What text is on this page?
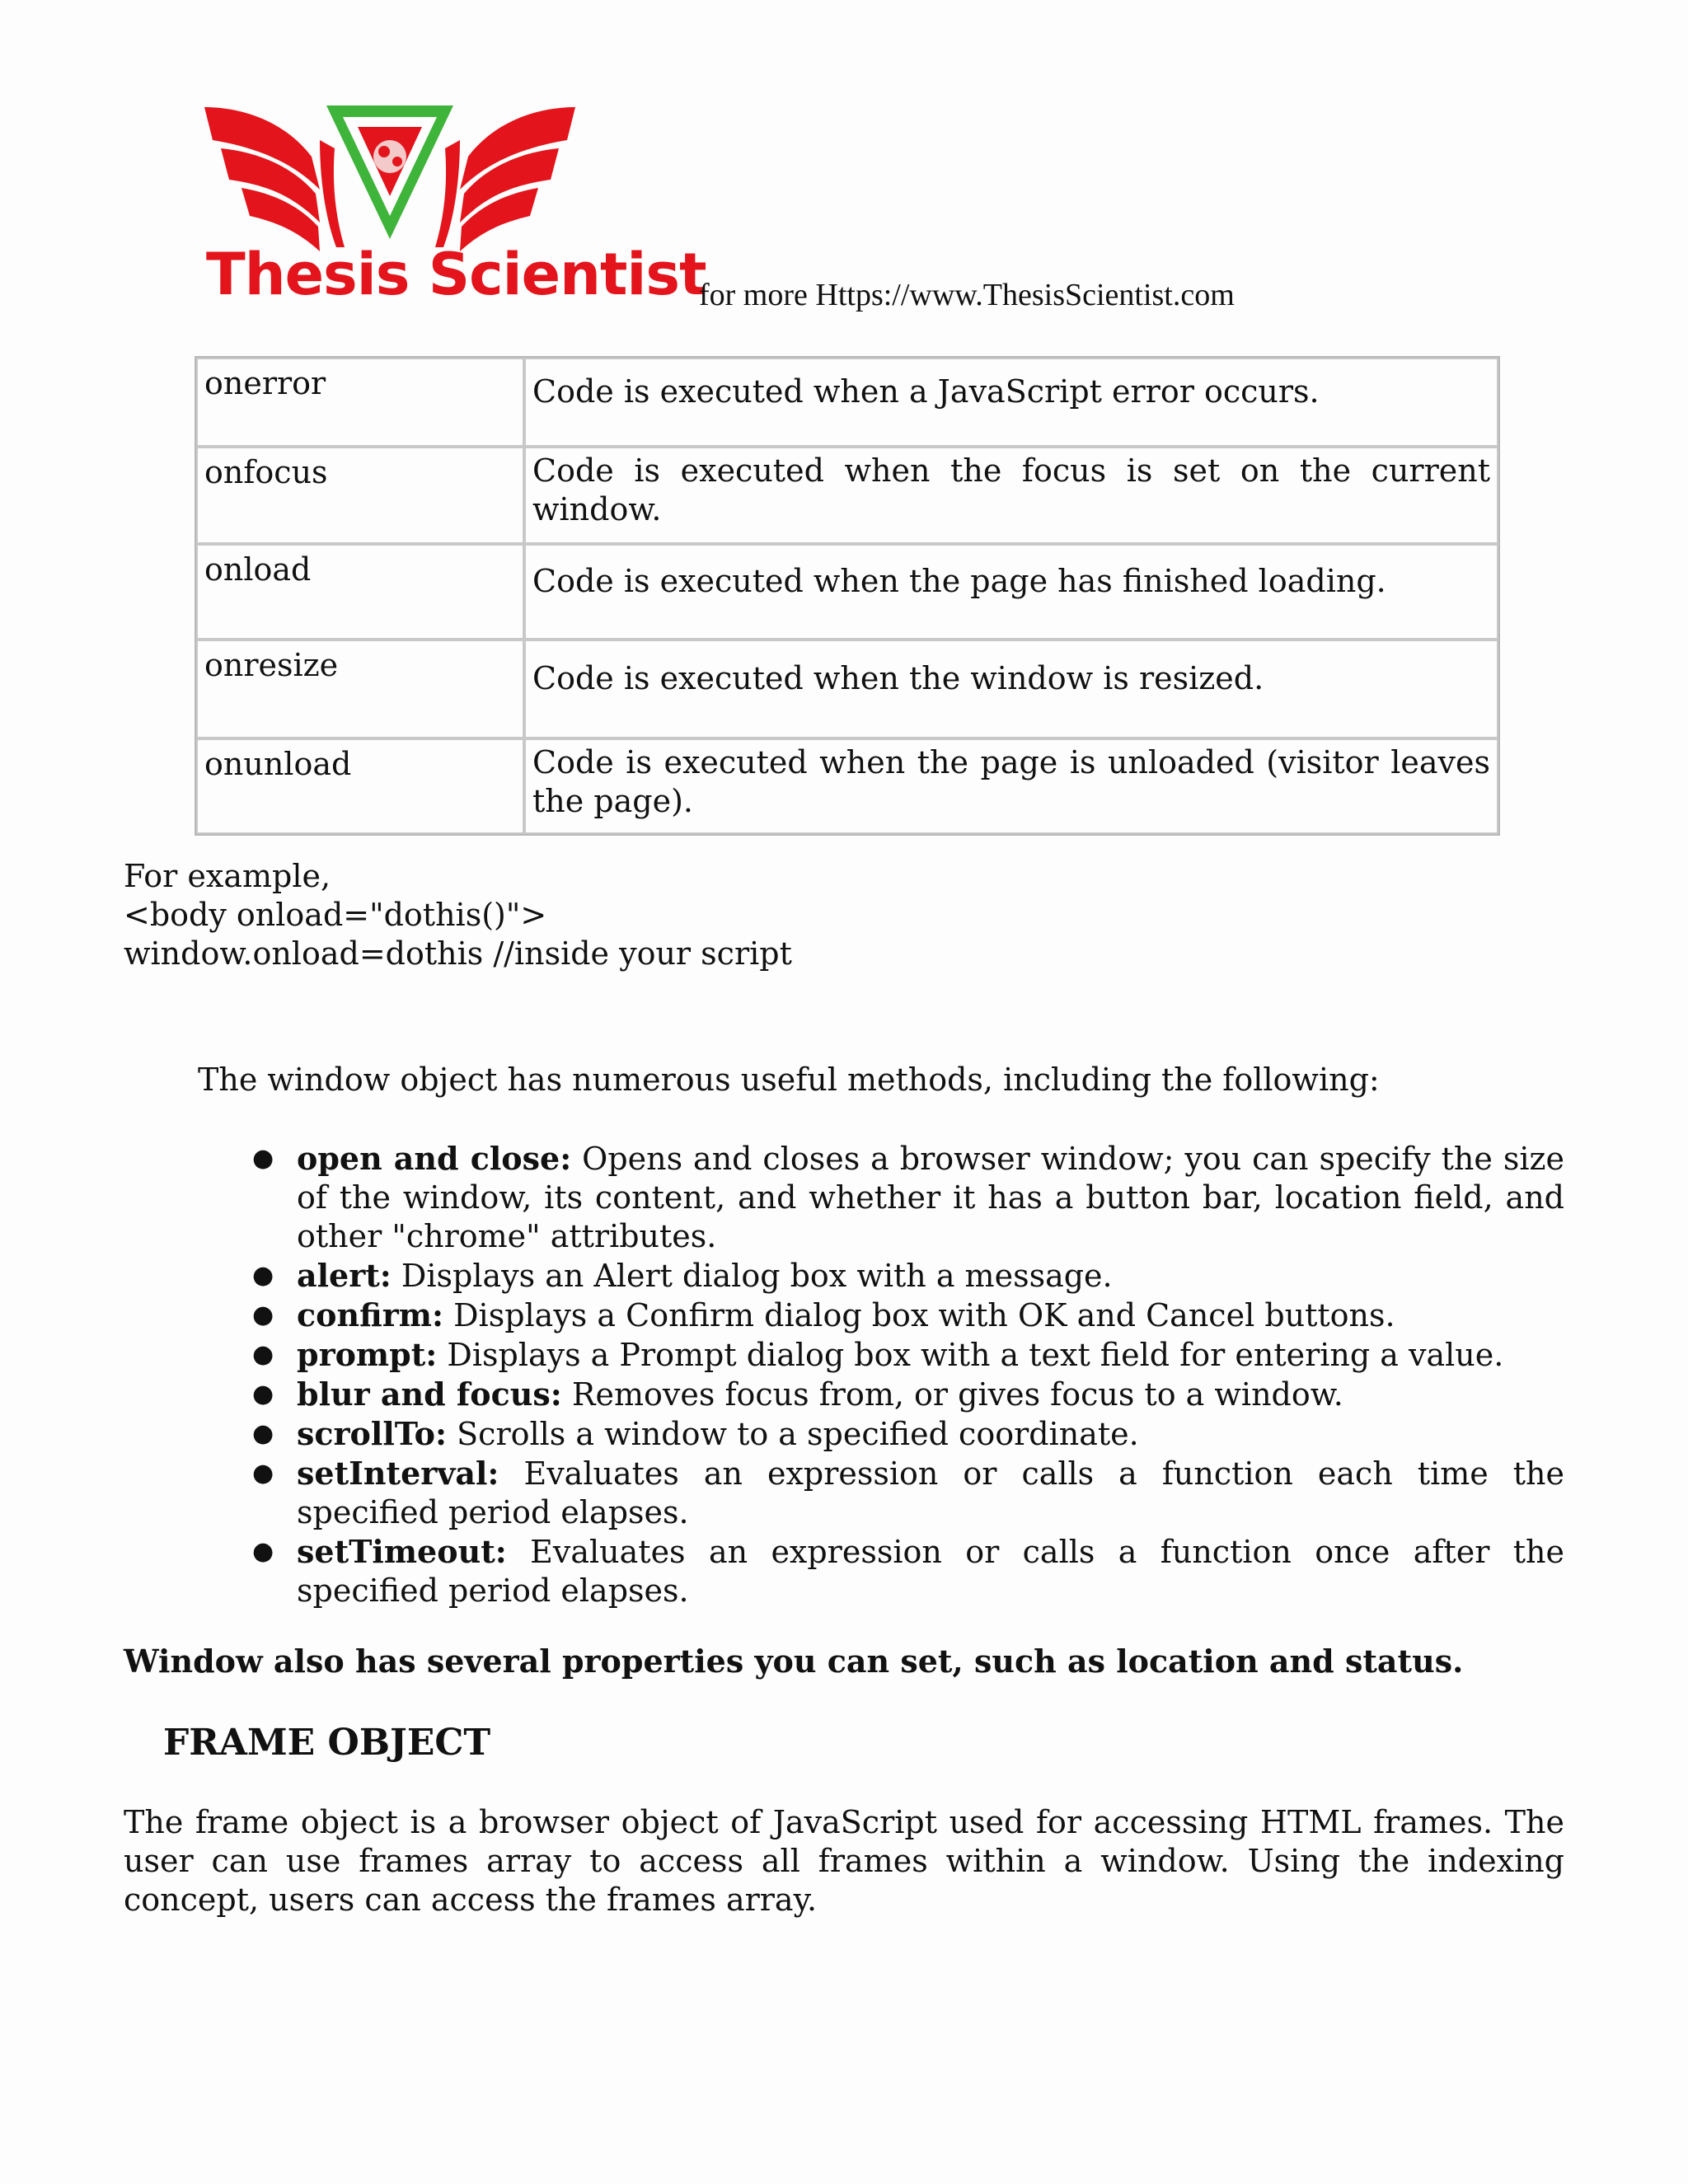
Thesis Scientist
for more Https://www.ThesisScientist.com
onerror	Code is executed when a JavaScript error occurs.
onfocus	Code is executed when the focus is set on the current window.
onload	Code is executed when the page has finished loading.
onresize	Code is executed when the window is resized.
onunload	Code is executed when the page is unloaded (visitor leaves the page).
For example,
<body onload="dothis()">
window.onload=dothis //inside your script
The window object has numerous useful methods, including the following:
● open and close: Opens and closes a browser window; you can specify the size of the window, its content, and whether it has a button bar, location field, and other "chrome" attributes.
● alert: Displays an Alert dialog box with a message.
● confirm: Displays a Confirm dialog box with OK and Cancel buttons.
● prompt: Displays a Prompt dialog box with a text field for entering a value.
● blur and focus: Removes focus from, or gives focus to a window.
● scrollTo: Scrolls a window to a specified coordinate.
● setInterval: Evaluates an expression or calls a function each time the specified period elapses.
● setTimeout: Evaluates an expression or calls a function once after the specified period elapses.
Window also has several properties you can set, such as location and status.
FRAME OBJECT

The frame object is a browser object of JavaScript used for accessing HTML frames. The user can use frames array to access all frames within a window. Using the indexing concept, users can access the frames array.
